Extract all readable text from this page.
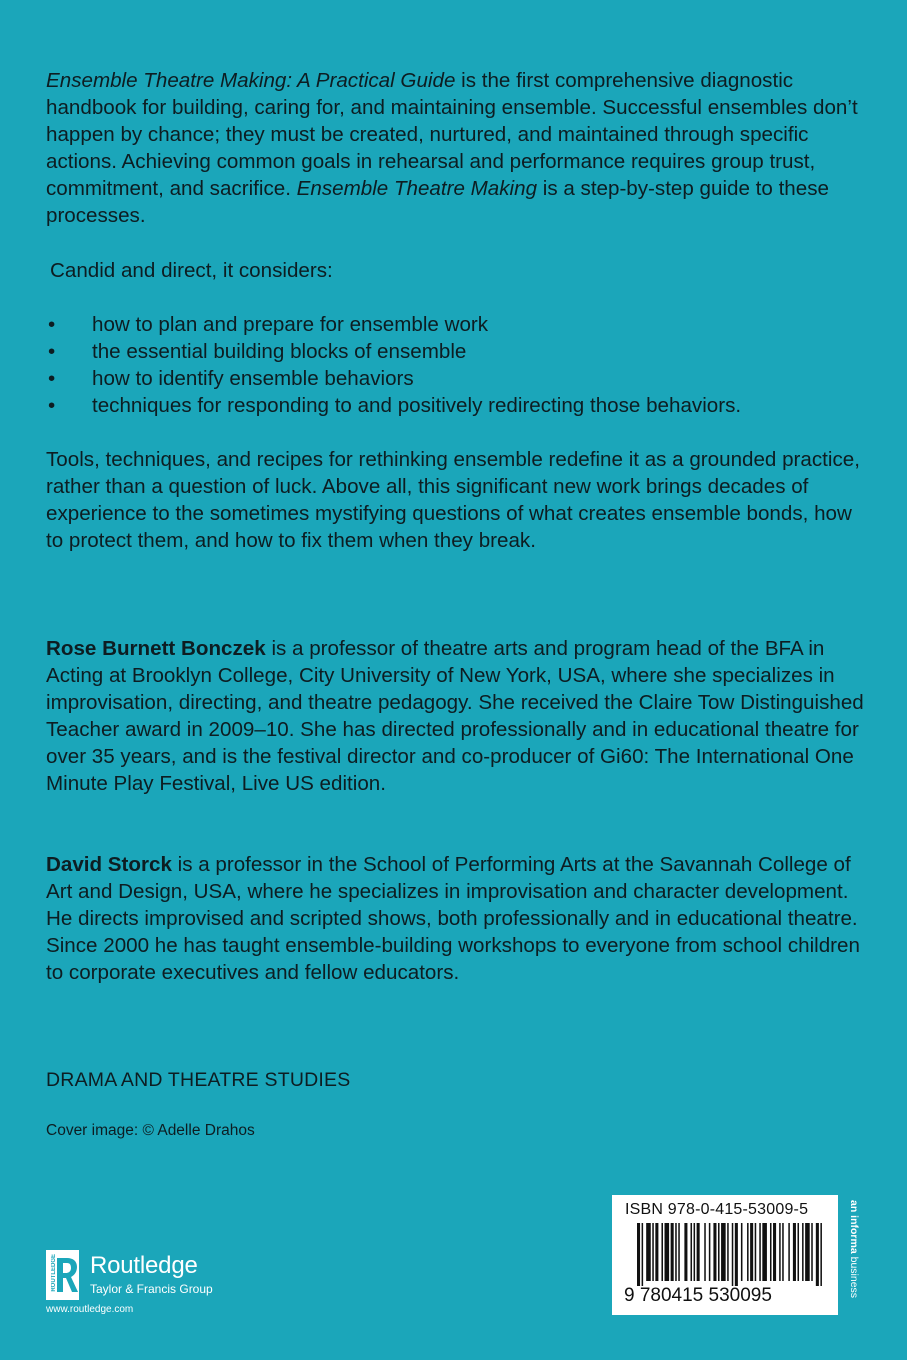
Ensemble Theatre Making: A Practical Guide is the first comprehensive diagnostic handbook for building, caring for, and maintaining ensemble. Successful ensembles don’t happen by chance; they must be created, nurtured, and maintained through specific actions. Achieving common goals in rehearsal and performance requires group trust, commitment, and sacrifice. Ensemble Theatre Making is a step-by-step guide to these processes.

Candid and direct, it considers:

• how to plan and prepare for ensemble work
• the essential building blocks of ensemble
• how to identify ensemble behaviors
• techniques for responding to and positively redirecting those behaviors.

Tools, techniques, and recipes for rethinking ensemble redefine it as a grounded practice, rather than a question of luck. Above all, this significant new work brings decades of experience to the sometimes mystifying questions of what creates ensemble bonds, how to protect them, and how to fix them when they break.

Rose Burnett Bonczek is a professor of theatre arts and program head of the BFA in Acting at Brooklyn College, City University of New York, USA, where she specializes in improvisation, directing, and theatre pedagogy. She received the Claire Tow Distinguished Teacher award in 2009–10. She has directed professionally and in educational theatre for over 35 years, and is the festival director and co-producer of Gi60: The International One Minute Play Festival, Live US edition.

David Storck is a professor in the School of Performing Arts at the Savannah College of Art and Design, USA, where he specializes in improvisation and character development. He directs improvised and scripted shows, both professionally and in educational theatre. Since 2000 he has taught ensemble-building workshops to everyone from school children to corporate executives and fellow educators.

DRAMA AND THEATRE STUDIES
Cover image: © Adelle Drahos
ROUTLEDGE Routledge
Taylor & Francis Group
www.routledge.com
ISBN 978-0-415-53009-5
9 780415 530095
an informa business
